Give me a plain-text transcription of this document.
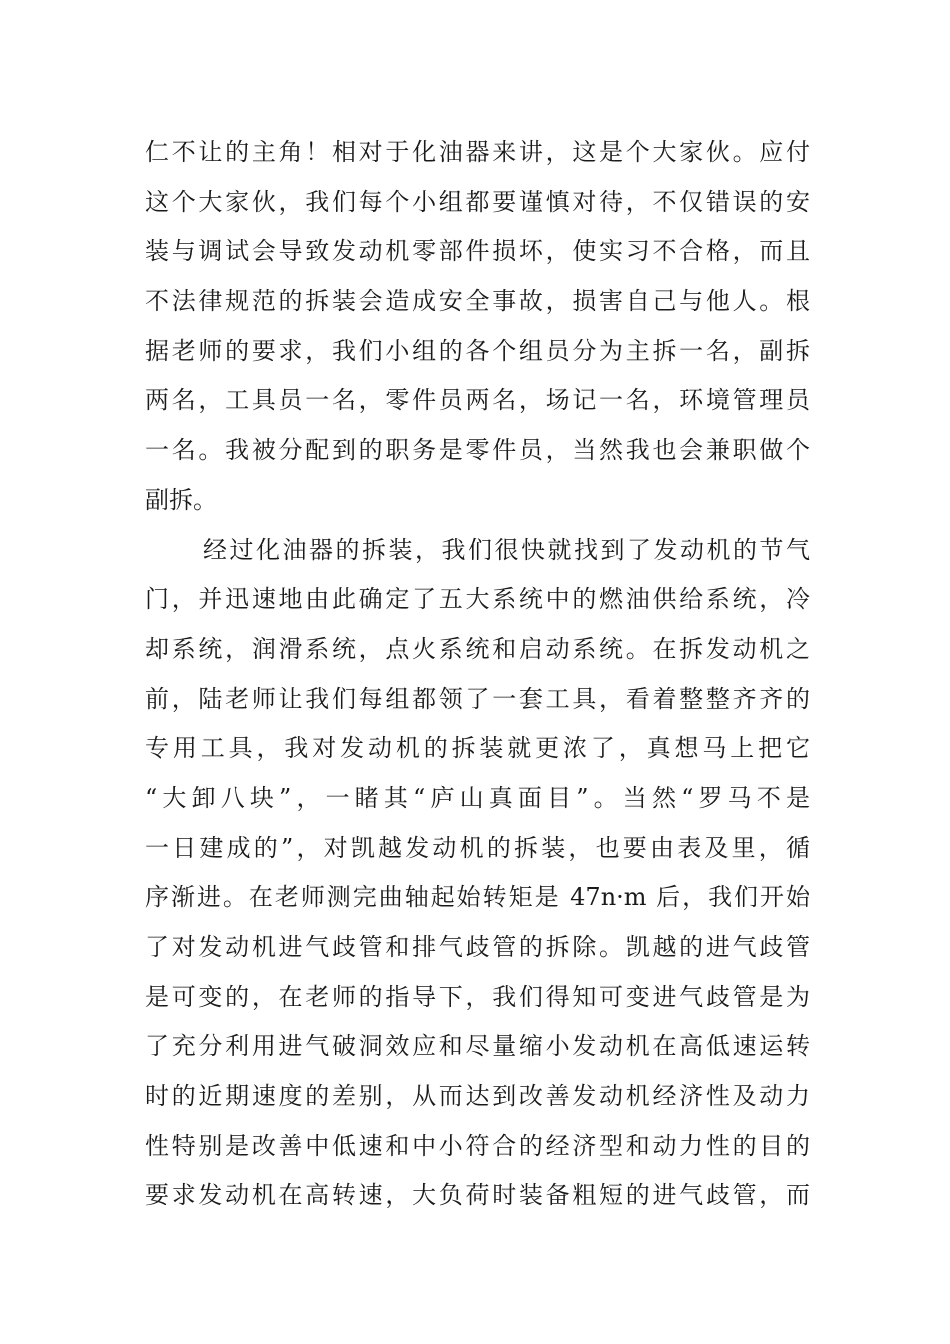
仁不让的主角！相对于化油器来讲，这是个大家伙。应付
这个大家伙，我们每个小组都要谨慎对待，不仅错误的安
装与调试会导致发动机零部件损坏，使实习不合格，而且
不法律规范的拆装会造成安全事故，损害自己与他人。根
据老师的要求，我们小组的各个组员分为主拆一名，副拆
两名，工具员一名，零件员两名，场记一名，环境管理员
一名。我被分配到的职务是零件员，当然我也会兼职做个
副拆。
经过化油器的拆装，我们很快就找到了发动机的节气
门，并迅速地由此确定了五大系统中的燃油供给系统，冷
却系统，润滑系统，点火系统和启动系统。在拆发动机之
前，陆老师让我们每组都领了一套工具，看着整整齐齐的
专用工具，我对发动机的拆装就更浓了，真想马上把它
“大卸八块”，一睹其“庐山真面目”。当然“罗马不是
一日建成的”，对凯越发动机的拆装，也要由表及里，循
序渐进。在老师测完曲轴起始转矩是 47n·m 后，我们开始
了对发动机进气歧管和排气歧管的拆除。凯越的进气歧管
是可变的，在老师的指导下，我们得知可变进气歧管是为
了充分利用进气破洞效应和尽量缩小发动机在高低速运转
时的近期速度的差别，从而达到改善发动机经济性及动力
性特别是改善中低速和中小符合的经济型和动力性的目的
要求发动机在高转速，大负荷时装备粗短的进气歧管，而
